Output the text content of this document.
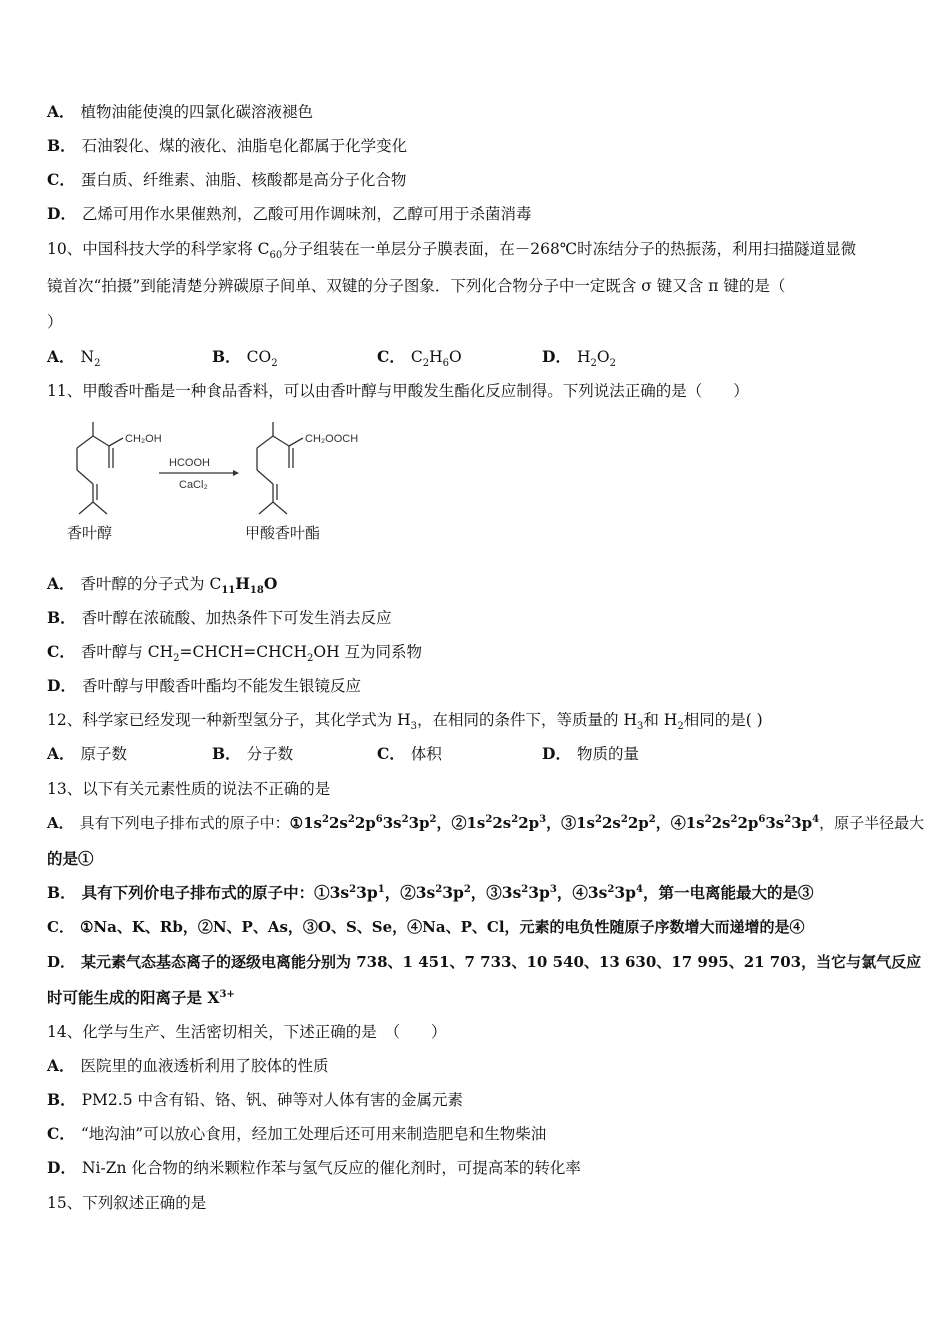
A． 植物油能使溴的四氯化碳溶液褪色
B． 石油裂化、煤的液化、油脂皂化都属于化学变化
C． 蛋白质、纤维素、油脂、核酸都是高分子化合物
D． 乙烯可用作水果催熟剂，乙酸可用作调味剂，乙醇可用于杀菌消毒
10、中国科技大学的科学家将 $C_{60}$分子组装在一单层分子膜表面，在－268℃时冻结分子的热振荡，利用扫描隧道显微
镜首次“拍摄”到能清楚分辨碳原子间单、双键的分子图象．下列化合物分子中一定既含 σ 键又含 π 键的是（
）
A． $N_2$	B． $CO_2$	C． $C_2H_6O$	D． $H_2O_2$
11、甲酸香叶酯是一种食品香料，可以由香叶醇与甲酸发生酯化反应制得。下列说法正确的是（　　）
CH₂OH
HCOOH
CaCl₂
CH₂OOCH
香叶醇	甲酸香叶酯
A． 香叶醇的分子式为 $C_{11}H_{18}O$
B． 香叶醇在浓硫酸、加热条件下可发生消去反应
C． 香叶醇与 $CH_2=CHCH=CHCH_2OH$ 互为同系物
D． 香叶醇与甲酸香叶酯均不能发生银镜反应
12、科学家已经发现一种新型氢分子，其化学式为 $H_3$，在相同的条件下，等质量的 $H_3$和 $H_2$相同的是( )
A． 原子数	B． 分子数	C． 体积	D． 物质的量
13、以下有关元素性质的说法不正确的是
A． 具有下列电子排布式的原子中：$①1s^22s^22p^63s^23p^2$，$②1s^22s^22p^3$，$③1s^22s^22p^2$，$④1s^22s^22p^63s^23p^4$，原子半径最大
的是①
B． 具有下列价电子排布式的原子中：$①3s^23p^1$，$②3s^23p^2$，$③3s^23p^3$，$④3s^23p^4$，第一电离能最大的是③
C． ①Na、K、Rb，②N、P、As，③O、S、Se，④Na、P、Cl，元素的电负性随原子序数增大而递增的是④
D． 某元素气态基态离子的逐级电离能分别为 738、1 451、7 733、10 540、13 630、17 995、21 703，当它与氯气反应
时可能生成的阳离子是 $X^{3+}$
14、化学与生产、生活密切相关，下述正确的是　（　　）
A． 医院里的血液透析利用了胶体的性质
B． PM2.5 中含有铅、铬、钒、砷等对人体有害的金属元素
C． “地沟油”可以放心食用，经加工处理后还可用来制造肥皂和生物柴油
D． Ni-Zn 化合物的纳米颗粒作苯与氢气反应的催化剂时，可提高苯的转化率
15、下列叙述正确的是
